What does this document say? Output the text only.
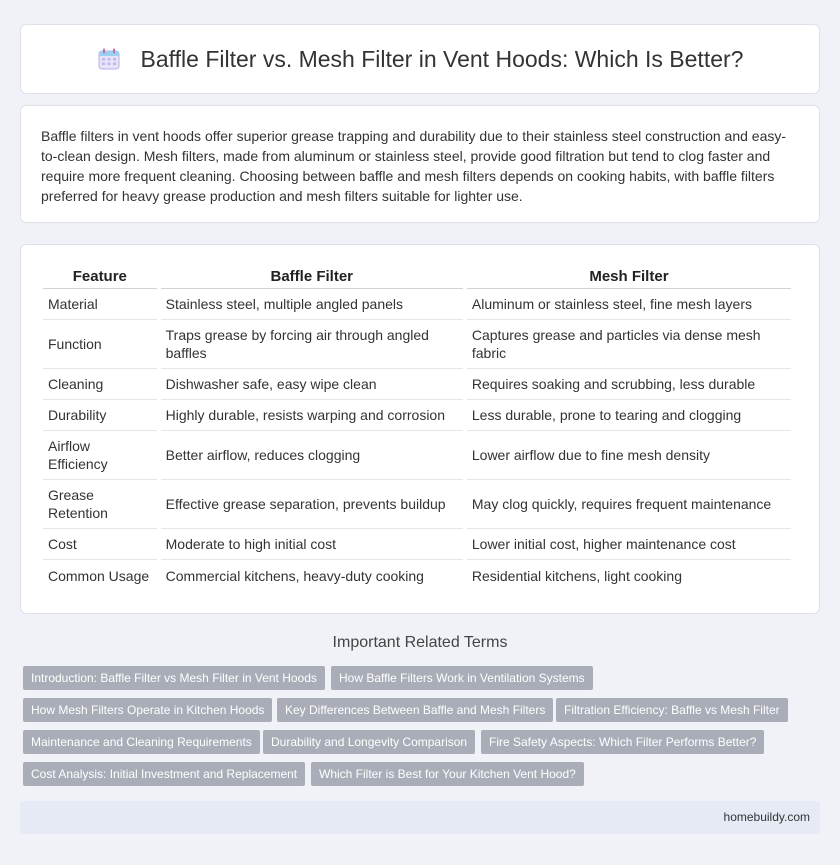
Baffle Filter vs. Mesh Filter in Vent Hoods: Which Is Better?

Baffle filters in vent hoods offer superior grease trapping and durability due to their stainless steel construction and easy-to-clean design. Mesh filters, made from aluminum or stainless steel, provide good filtration but tend to clog faster and require more frequent cleaning. Choosing between baffle and mesh filters depends on cooking habits, with baffle filters preferred for heavy grease production and mesh filters suitable for lighter use.

Feature	Baffle Filter	Mesh Filter
Material	Stainless steel, multiple angled panels	Aluminum or stainless steel, fine mesh layers
Function	Traps grease by forcing air through angled baffles	Captures grease and particles via dense mesh fabric
Cleaning	Dishwasher safe, easy wipe clean	Requires soaking and scrubbing, less durable
Durability	Highly durable, resists warping and corrosion	Less durable, prone to tearing and clogging
Airflow Efficiency	Better airflow, reduces clogging	Lower airflow due to fine mesh density
Grease Retention	Effective grease separation, prevents buildup	May clog quickly, requires frequent maintenance
Cost	Moderate to high initial cost	Lower initial cost, higher maintenance cost
Common Usage	Commercial kitchens, heavy-duty cooking	Residential kitchens, light cooking
Important Related Terms
Introduction: Baffle Filter vs Mesh Filter in Vent Hoods	How Baffle Filters Work in Ventilation Systems
How Mesh Filters Operate in Kitchen Hoods	Key Differences Between Baffle and Mesh Filters	Filtration Efficiency: Baffle vs Mesh Filter
Maintenance and Cleaning Requirements	Durability and Longevity Comparison	Fire Safety Aspects: Which Filter Performs Better?
Cost Analysis: Initial Investment and Replacement	Which Filter is Best for Your Kitchen Vent Hood?
homebuildy.com
